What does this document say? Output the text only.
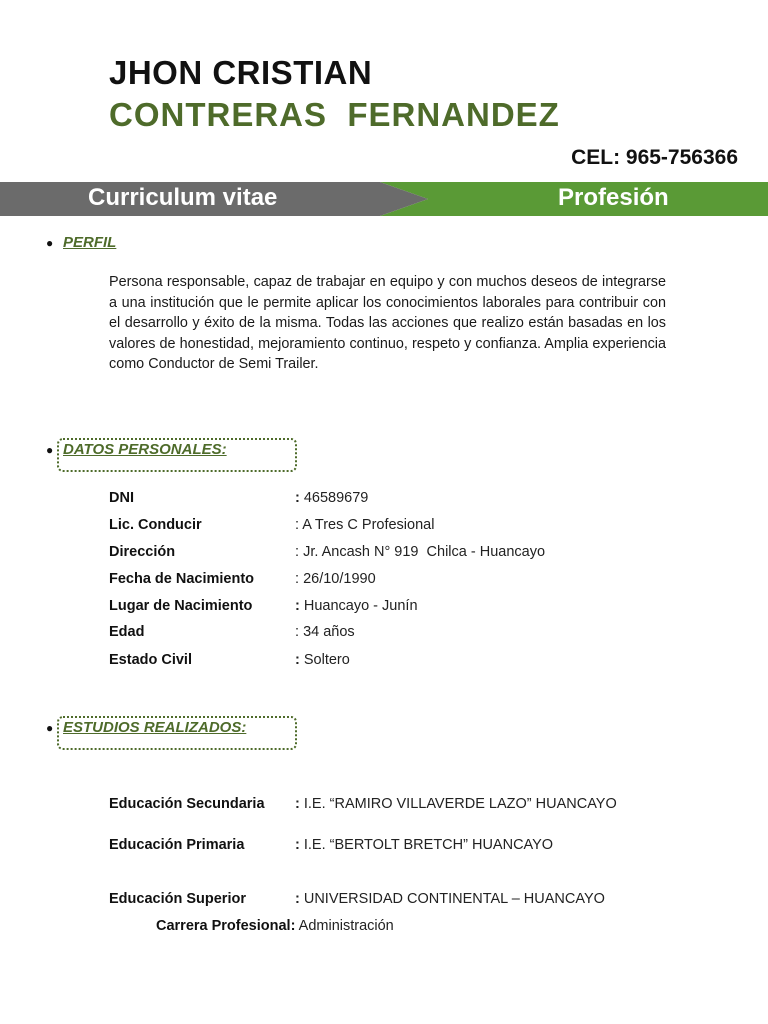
JHON CRISTIAN
CONTRERAS  FERNANDEZ
CEL: 965-756366
Curriculum vitae	Profesión
● PERFIL
Persona responsable, capaz de trabajar en equipo y con muchos deseos de integrarse a una institución que le permite aplicar los conocimientos laborales para contribuir con el desarrollo y éxito de la misma. Todas las acciones que realizo están basadas en los valores de honestidad, mejoramiento continuo, respeto y confianza. Amplia experiencia como Conductor de Semi Trailer.
● DATOS PERSONALES:
DNI	: 46589679
Lic. Conducir	: A Tres C Profesional
Dirección	: Jr. Ancash N° 919  Chilca - Huancayo
Fecha de Nacimiento	: 26/10/1990
Lugar de Nacimiento	: Huancayo - Junín
Edad	: 34 años
Estado Civil	: Soltero
● ESTUDIOS REALIZADOS:
Educación Secundaria : I.E. “RAMIRO VILLAVERDE LAZO” HUANCAYO
Educación Primaria	: I.E. “BERTOLT BRETCH” HUANCAYO
Educación Superior	: UNIVERSIDAD CONTINENTAL – HUANCAYO
Carrera Profesional: Administración
